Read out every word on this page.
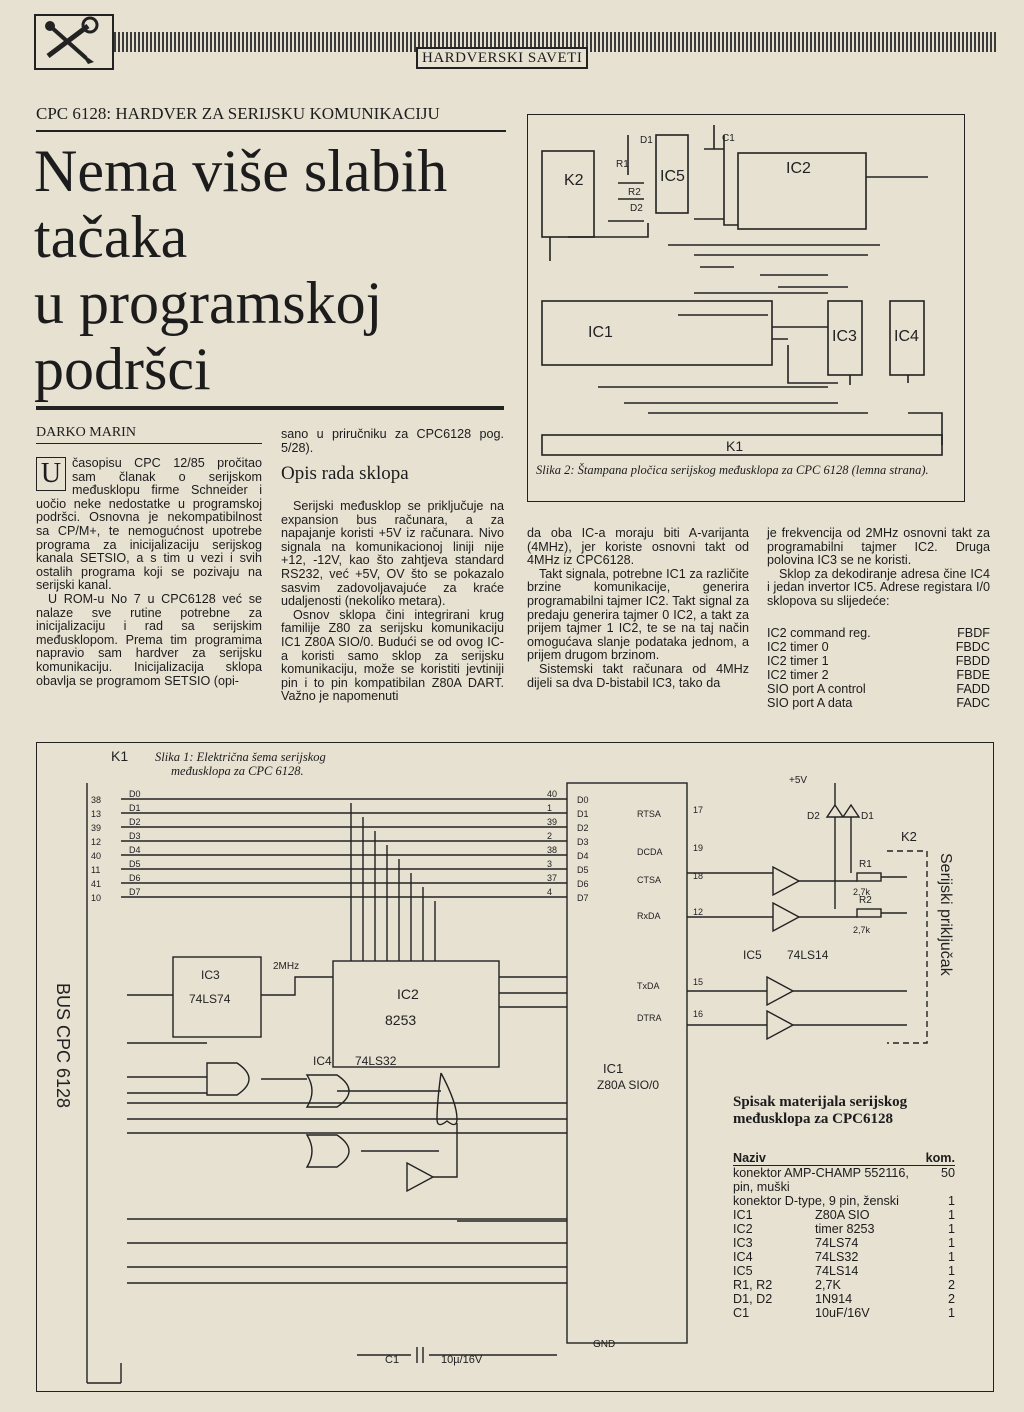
HARDVERSKI SAVETI
CPC 6128: HARDVER ZA SERIJSKU KOMUNIKACIJU
Nema više slabih
tačaka
u programskoj
podršci
DARKO MARIN

U časopisu CPC 12/85 pročitao sam članak o serijskom međusklopu firme Schneider i uočio neke nedostatke u programskoj podršci. Osnovna je nekompatibilnost sa CP/M+, te nemogućnost upotrebe programa za inicijalizaciju serijskog kanala SETSIO, a s tim u vezi i svih ostalih programa koji se pozivaju na serijski kanal.

U ROM-u No 7 u CPC6128 već se nalaze sve rutine potrebne za inicijalizaciju i rad sa serijskim međusklopom. Prema tim programima napravio sam hardver za serijsku komunikaciju. Inicijalizacija sklopa obavlja se programom SETSIO (opi-

sano u priručniku za CPC6128 pog. 5/28).

Opis rada sklopa

Serijski međusklop se priključuje na expansion bus računara, a za napajanje koristi +5V iz računara. Nivo signala na komunikacionoj liniji nije +12, -12V, kao što zahtjeva standard RS232, već +5V, OV što se pokazalo sasvim zadovoljavajuće za kraće udaljenosti (nekoliko metara).

Osnov sklopa čini integrirani krug familije Z80 za serijsku komunikaciju IC1 Z80A SIO/0. Budući se od ovog IC-a koristi samo sklop za serijsku komunikaciju, može se koristiti jevtiniji pin i to pin kompatibilan Z80A DART. Važno je napomenuti

da oba IC-a moraju biti A-varijanta (4MHz), jer koriste osnovni takt od 4MHz iz CPC6128.

Takt signala, potrebne IC1 za različite brzine komunikacije, generira programabilni tajmer IC2. Takt signal za predaju generira tajmer 0 IC2, a takt za prijem tajmer 1 IC2, te se na taj način omogućava slanje podataka jednom, a prijem drugom brzinom.

Sistemski takt računara od 4MHz dijeli sa dva D-bistabil IC3, tako da

je frekvencija od 2MHz osnovni takt za programabilni tajmer IC2. Druga polovina IC3 se ne koristi.

Sklop za dekodiranje adresa čine IC4 i jedan invertor IC5. Adrese registara I/0 sklopova su slijedeće:

IC2 command reg.	FBDF
IC2 timer 0	FBDC
IC2 timer 1	FBDD
IC2 timer 2	FBDE
SIO port A control	FADD
SIO port A data	FADC
K2	IC5	IC2
IC1	IC3 IC4
K1
D1
R1
R2
D2
C1
Slika 2: Štampana pločica serijskog međusklopa za CPC 6128 (lemna strana).
K1
BUS CPC 6128
38
D0
13
D1
39
D2
12
D3
40
D4
11
D5
41
D6
10
D7
IC1
Z80A SIO/0
40
D0
1
D1
39
D2
2
D3
38
D4
3
D5
37
D6
4
D7
RTSA	17
DCDA	19
CTSA	18
RxDA	12
TxDA	15
DTRA	16
IC2
8253
2MHz
IC3
74LS74
IC4 74LS32
IC5 74LS14
K2
Serijski priključak
+5V
D2	D1
R1
R2
2,7k
2,7k
C1	10µ/16V
GND
Slika 1: Električna šema serijskog
međusklopa za CPC 6128.
Spisak materijala serijskog
međusklopa za CPC6128
Naziv	kom.
konektor AMP-CHAMP 552116,	50
pin, muški
konektor D-type, 9 pin, ženski	1
IC1	Z80A SIO	1
IC2	timer 8253	1
IC3	74LS74	1
IC4	74LS32	1
IC5	74LS14	1
R1, R2	2,7K	2
D1, D2	1N914	2
C1	10uF/16V	1
